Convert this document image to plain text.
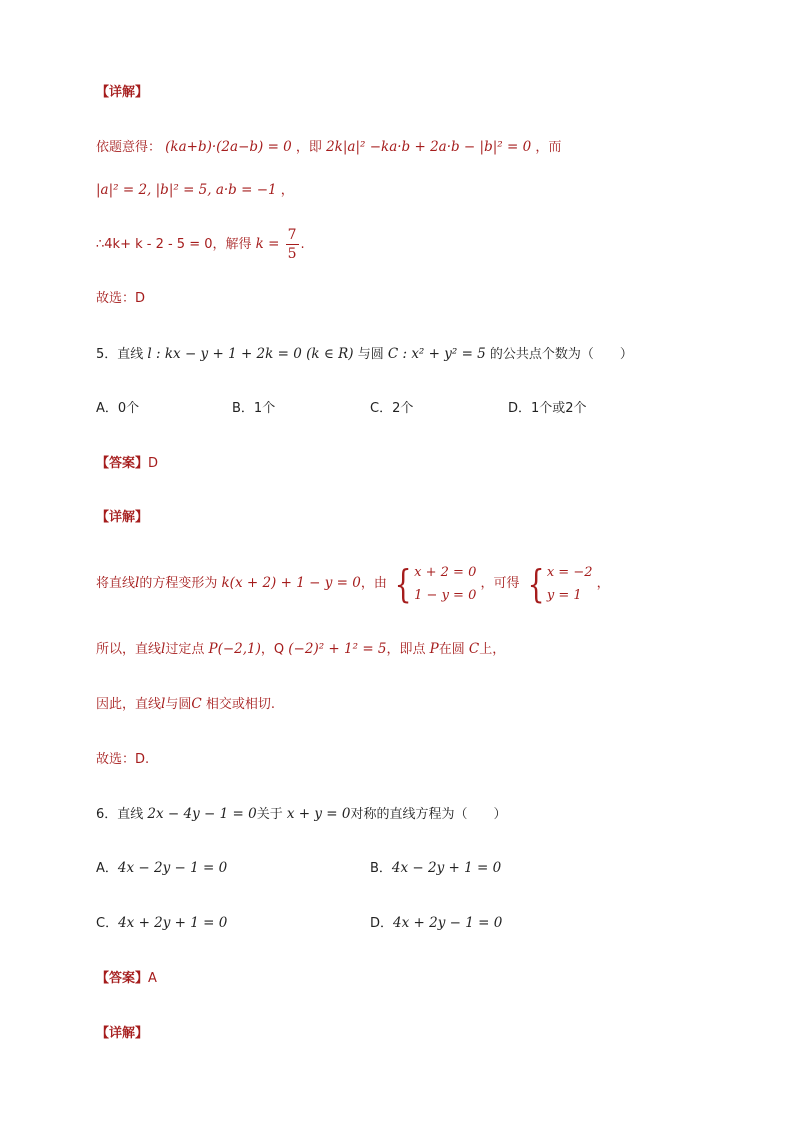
【详解】
依题意得： (ka+b)·(2a−b) = 0 ，即 2k|a|² −ka·b + 2a·b − |b|² = 0 ，而
|a|² = 2, |b|² = 5, a·b = −1 ，
∴4k+ k - 2 - 5 = 0，解得 $k = \frac{7}{5}$ .
故选：D
5．直线 l : kx − y + 1 + 2k = 0 (k ∈ R) 与圆 C : x² + y² = 5 的公共点个数为（　　）
A．0个	B．1个	C．2个	D．1个或2个
【答案】D
【详解】
将直线l的方程变形为 k(x + 2) + 1 − y = 0，由 { x + 2 = 0
1 − y = 0
，可得 { x = −2
y = 1
，
所以，直线l过定点 P(−2,1)，Q (−2)² + 1² = 5，即点 P在圆 C上，
因此，直线l与圆C 相交或相切.
故选：D.
6．直线 2x − 4y − 1 = 0关于 x + y = 0对称的直线方程为（　　）
A．4x − 2y − 1 = 0	B．4x − 2y + 1 = 0
C．4x + 2y + 1 = 0	D．4x + 2y − 1 = 0
【答案】A
【详解】
